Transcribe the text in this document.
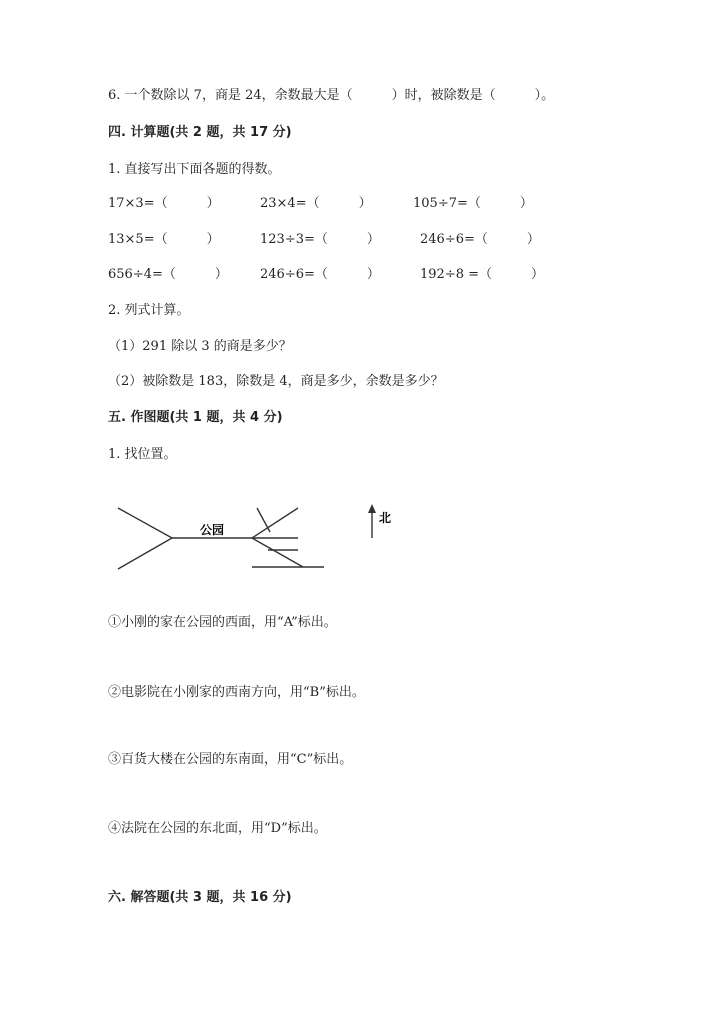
6. 一个数除以 7，商是 24，余数最大是（　　　）时，被除数是（　　　）。
四. 计算题(共 2 题，共 17 分)
1. 直接写出下面各题的得数。
17×3=（　　　）	23×4=（　　　）	105÷7=（　　　）
13×5=（　　　）	123÷3=（　　　）	246÷6=（　　　）
656÷4=（　　　） 246÷6=（　　　）	192÷8 =（　　　）
2. 列式计算。
（1）291 除以 3 的商是多少？
（2）被除数是 183，除数是 4，商是多少，余数是多少？
五. 作图题(共 1 题，共 4 分)
1. 找位置。
公园
北
①小刚的家在公园的西面，用“A”标出。
②电影院在小刚家的西南方向，用“B”标出。
③百货大楼在公园的东南面，用“C”标出。
④法院在公园的东北面，用“D”标出。
六. 解答题(共 3 题，共 16 分)
